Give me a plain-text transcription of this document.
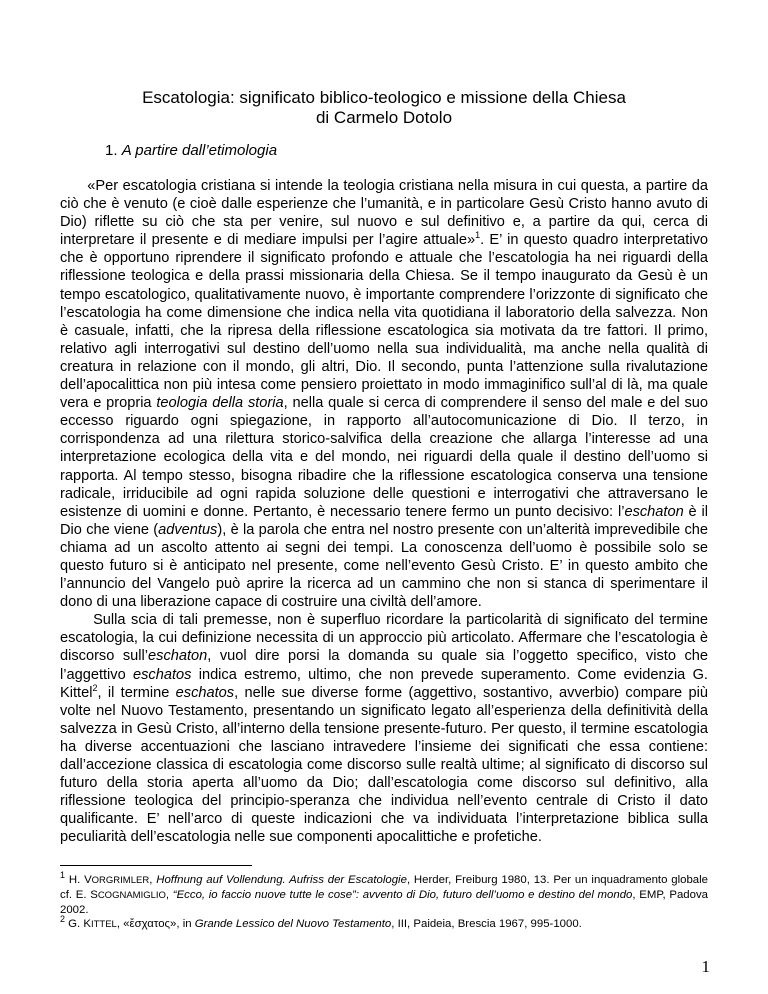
Escatologia: significato biblico-teologico e missione della Chiesa
di Carmelo Dotolo
1. A partire dall’etimologia

«Per escatologia cristiana si intende la teologia cristiana nella misura in cui questa, a partire da ciò che è venuto (e cioè dalle esperienze che l’umanità, e in particolare Gesù Cristo hanno avuto di Dio) riflette su ciò che sta per venire, sul nuovo e sul definitivo e, a partire da qui, cerca di interpretare il presente e di mediare impulsi per l’agire attuale»$^1$. E’ in questo quadro interpretativo che è opportuno riprendere il significato profondo e attuale che l’escatologia ha nei riguardi della riflessione teologica e della prassi missionaria della Chiesa. Se il tempo inaugurato da Gesù è un tempo escatologico, qualitativamente nuovo, è importante comprendere l’orizzonte di significato che l’escatologia ha come dimensione che indica nella vita quotidiana il laboratorio della salvezza. Non è casuale, infatti, che la ripresa della riflessione escatologica sia motivata da tre fattori. Il primo, relativo agli interrogativi sul destino dell’uomo nella sua individualità, ma anche nella qualità di creatura in relazione con il mondo, gli altri, Dio. Il secondo, punta l’attenzione sulla rivalutazione dell’apocalittica non più intesa come pensiero proiettato in modo immaginifico sull’al di là, ma quale vera e propria teologia della storia, nella quale si cerca di comprendere il senso del male e del suo eccesso riguardo ogni spiegazione, in rapporto all’autocomunicazione di Dio. Il terzo, in corrispondenza ad una rilettura storico-salvifica della creazione che allarga l’interesse ad una interpretazione ecologica della vita e del mondo, nei riguardi della quale il destino dell’uomo si rapporta. Al tempo stesso, bisogna ribadire che la riflessione escatologica conserva una tensione radicale, irriducibile ad ogni rapida soluzione delle questioni e interrogativi che attraversano le esistenze di uomini e donne. Pertanto, è necessario tenere fermo un punto decisivo: l’eschaton è il Dio che viene (adventus), è la parola che entra nel nostro presente con un’alterità imprevedibile che chiama ad un ascolto attento ai segni dei tempi. La conoscenza dell’uomo è possibile solo se questo futuro si è anticipato nel presente, come nell’evento Gesù Cristo. E’ in questo ambito che l’annuncio del Vangelo può aprire la ricerca ad un cammino che non si stanca di sperimentare il dono di una liberazione capace di costruire una civiltà dell’amore.

Sulla scia di tali premesse, non è superfluo ricordare la particolarità di significato del termine escatologia, la cui definizione necessita di un approccio più articolato. Affermare che l’escatologia è discorso sull’eschaton, vuol dire porsi la domanda su quale sia l’oggetto specifico, visto che l’aggettivo eschatos indica estremo, ultimo, che non prevede superamento. Come evidenzia G. Kittel$^2$, il termine eschatos, nelle sue diverse forme (aggettivo, sostantivo, avverbio) compare più  volte nel Nuovo Testamento, presentando un significato legato all’esperienza della definitività della salvezza in Gesù Cristo, all’interno della tensione presente-futuro. Per questo, il termine escatologia ha diverse accentuazioni che lasciano intravedere l’insieme dei significati che essa contiene: dall’accezione classica di escatologia come discorso sulle realtà ultime; al significato di discorso sul futuro della storia aperta all’uomo da Dio; dall’escatologia come discorso sul definitivo, alla riflessione teologica del principio-speranza che individua nell’evento centrale di Cristo il dato qualificante. E’ nell’arco di queste indicazioni che va individuata l’interpretazione biblica sulla peculiarità dell’escatologia nelle sue componenti apocalittiche e profetiche.

$^1$ H. VORGRIMLER, Hoffnung auf Vollendung. Aufriss der Escatologie, Herder, Freiburg 1980, 13. Per un inquadramento globale cf. E. SCOGNAMIGLIO, “Ecco, io faccio nuove tutte le cose”: avvento di Dio, futuro dell’uomo e destino del mondo, EMP, Padova 2002.
$^2$ G. KITTEL, «ἔσχατος», in Grande Lessico del Nuovo Testamento, III, Paideia, Brescia 1967, 995-1000.
1
